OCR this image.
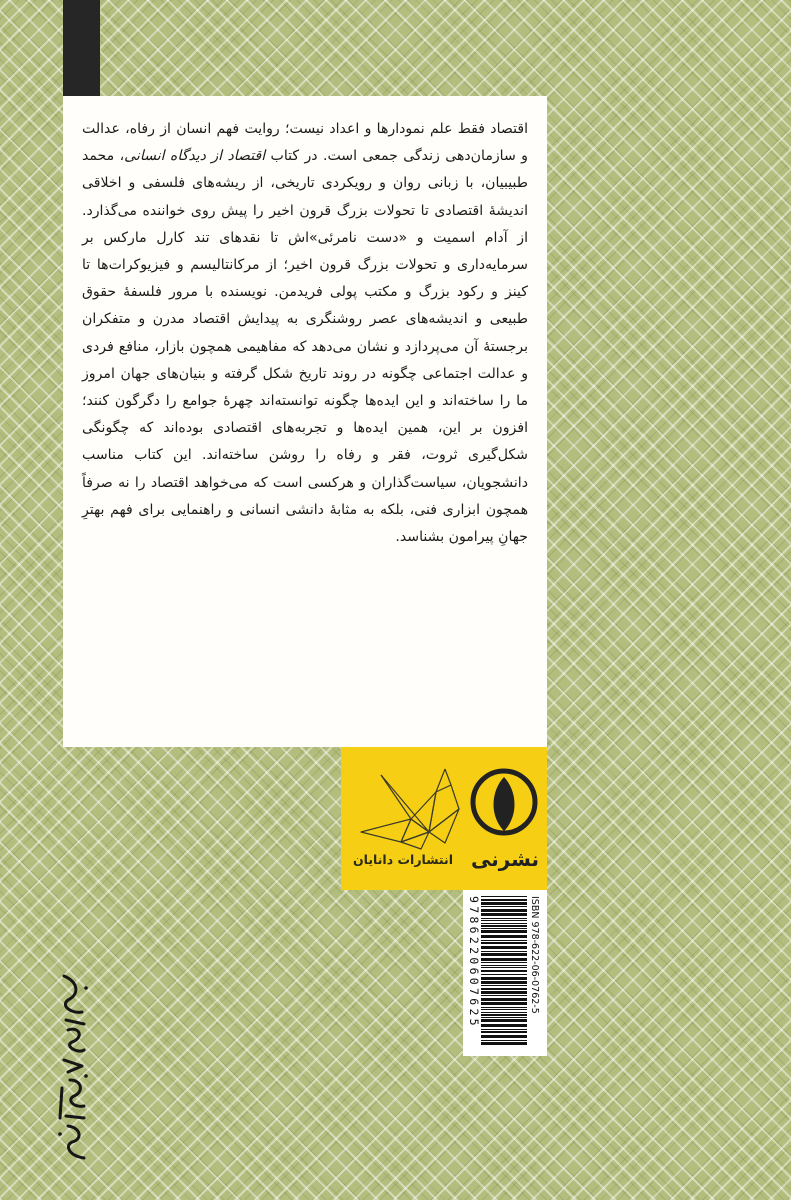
اقتصاد فقط علم نمودارها و اعداد نیست؛ روایت فهم انسان از رفاه، عدالت و سازمان‌دهی زندگی جمعی است. در کتاب اقتصاد از دیدگاه انسانی، محمد طبیبیان، با زبانی روان و رویکردی تاریخی، از ریشه‌های فلسفی و اخلاقی اندیشهٔ اقتصادی تا تحولات بزرگ قرون اخیر را پیش روی خواننده می‌گذارد. از آدام اسمیت و «دست نامرئی»اش تا نقدهای تند کارل مارکس بر سرمایه‌داری و تحولات بزرگ قرون اخیر؛ از مرکانتالیسم و فیزیوکرات‌ها تا کینز و رکود بزرگ و مکتب پولی فریدمن. نویسنده با مرور فلسفهٔ حقوق طبیعی و اندیشه‌های عصر روشنگری به پیدایش اقتصاد مدرن و متفکران برجستهٔ آن می‌پردازد و نشان می‌دهد که مفاهیمی همچون بازار، منافع فردی و عدالت اجتماعی چگونه در روند تاریخ شکل گرفته و بنیان‌های جهان امروز ما را ساخته‌اند و این ایده‌ها چگونه توانسته‌اند چهرهٔ جوامع را دگرگون کنند؛ افزون بر این، همین ایده‌ها و تجربه‌های اقتصادی بوده‌اند که چگونگی شکل‌گیری ثروت، فقر و رفاه را روشن ساخته‌اند. این کتاب مناسب دانشجویان، سیاست‌گذاران و هرکسی است که می‌خواهد اقتصاد را نه صرفاً همچون ابزاری فنی، بلکه به مثابهٔ دانشی انسانی و راهنمایی برای فهم بهترِ جهانِ پیرامون بشناسد.

انتشارات دانایان نشرنی
ISBN 978-622-06-0762-5
9786220607625
